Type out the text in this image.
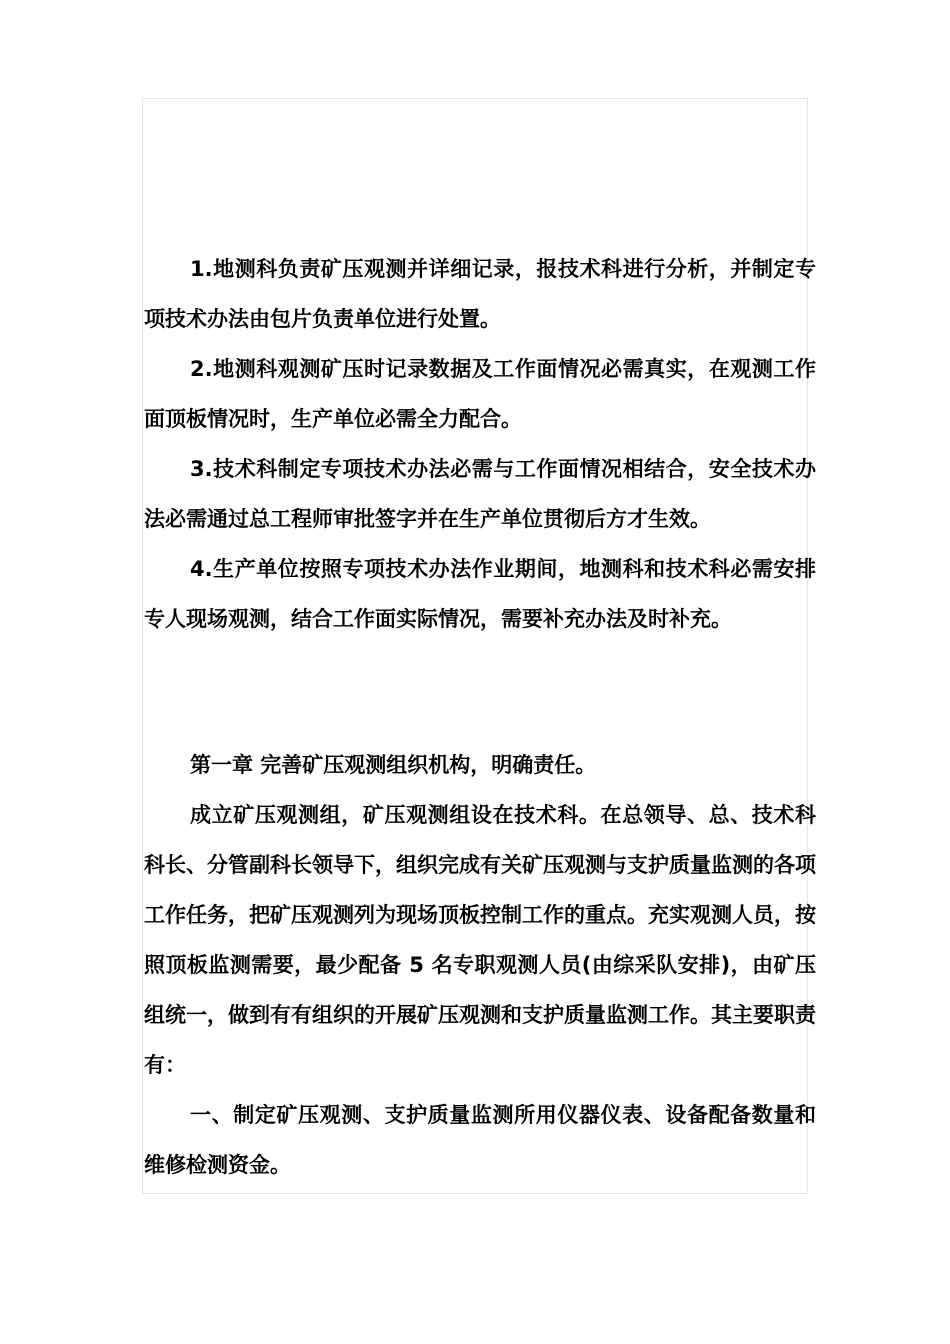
1.地测科负责矿压观测并详细记录，报技术科进行分析，并制定专项技术办法由包片负责单位进行处置。

2.地测科观测矿压时记录数据及工作面情况必需真实，在观测工作面顶板情况时，生产单位必需全力配合。

3.技术科制定专项技术办法必需与工作面情况相结合，安全技术办法必需通过总工程师审批签字并在生产单位贯彻后方才生效。

4.生产单位按照专项技术办法作业期间，地测科和技术科必需安排专人现场观测，结合工作面实际情况，需要补充办法及时补充。

第一章 完善矿压观测组织机构，明确责任。

成立矿压观测组，矿压观测组设在技术科。在总领导、总、技术科科长、分管副科长领导下，组织完成有关矿压观测与支护质量监测的各项工作任务，把矿压观测列为现场顶板控制工作的重点。充实观测人员，按照顶板监测需要，最少配备 5 名专职观测人员(由综采队安排)，由矿压组统一，做到有有组织的开展矿压观测和支护质量监测工作。其主要职责有：

一、制定矿压观测、支护质量监测所用仪器仪表、设备配备数量和维修检测资金。
